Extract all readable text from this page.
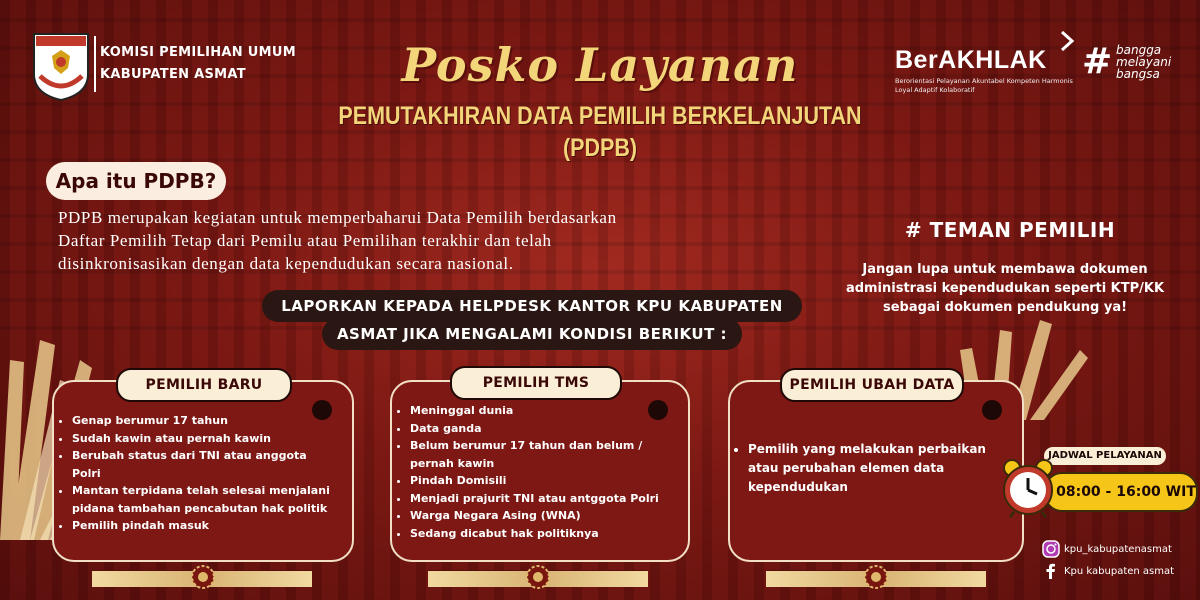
KOMISI PEMILIHAN UMUM
KABUPATEN ASMAT	Posko Layanan
PEMUTAKHIRAN DATA PEMILIH BERKELANJUTAN
(PDPB)
BerAKHLAK
Berorientasi Pelayanan Akuntabel Kompeten Harmonis Loyal Adaptif Kolaboratif
# bangga
melayani
bangsa
Apa itu PDPB?
PDPB merupakan kegiatan untuk memperbaharui Data Pemilih berdasarkan
Daftar Pemilih Tetap dari Pemilu atau Pemilihan terakhir dan telah
disinkronisasikan dengan data kependudukan secara nasional.
# TEMAN PEMILIH
Jangan lupa untuk membawa dokumen
administrasi kependudukan seperti KTP/KK
sebagai dokumen pendukung ya!
LAPORKAN KEPADA HELPDESK KANTOR KPU KABUPATEN
ASMAT JIKA MENGALAMI KONDISI BERIKUT :
• Genap berumur 17 tahun
• Sudah kawin atau pernah kawin
• Berubah status dari TNI atau anggota Polri
• Mantan terpidana telah selesai menjalani pidana tambahan pencabutan hak politik
• Pemilih pindah masuk
PEMILIH BARU
• Meninggal dunia
• Data ganda
• Belum berumur 17 tahun dan belum / pernah kawin
• Pindah Domisili
• Menjadi prajurit TNI atau antggota Polri
• Warga Negara Asing (WNA)
• Sedang dicabut hak politiknya
PEMILIH TMS
• Pemilih yang melakukan perbaikan atau perubahan elemen data kependudukan
PEMILIH UBAH DATA
JADWAL PELAYANAN
08:00 - 16:00 WIT
kpu_kabupatenasmat
Kpu kabupaten asmat
